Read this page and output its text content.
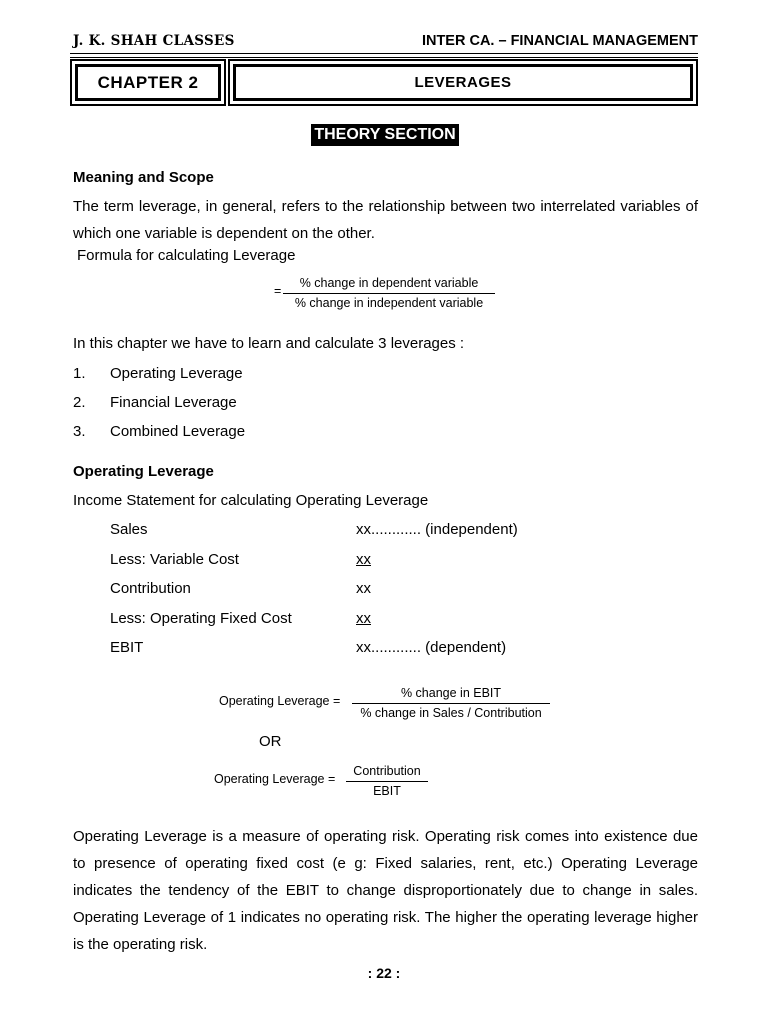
J. K. SHAH CLASSES	INTER CA. – FINANCIAL MANAGEMENT
CHAPTER 2	LEVERAGES
THEORY SECTION
Meaning and Scope
The term leverage, in general, refers to the relationship between two interrelated variables of which one variable is dependent on the other.
Formula for calculating Leverage
=
% change in dependent variable
% change in independent variable
In this chapter we have to learn and calculate 3 leverages :
1. Operating Leverage
2. Financial Leverage
3. Combined Leverage
Operating Leverage
Income Statement for calculating Operating Leverage
Sales	xx............ (independent)
Less: Variable Cost	xx
Contribution	xx
Less: Operating Fixed Cost	xx
EBIT	xx............ (dependent)
Operating Leverage =
% change in EBIT
% change in Sales / Contribution
OR
Operating Leverage =
Contribution
EBIT
Operating Leverage is a measure of operating risk. Operating risk comes into existence due to presence of operating fixed cost (e g: Fixed salaries, rent, etc.) Operating Leverage indicates the tendency of the EBIT to change disproportionately due to change in sales. Operating Leverage of 1 indicates no operating risk. The higher the operating leverage higher is the operating risk.
: 22 :
